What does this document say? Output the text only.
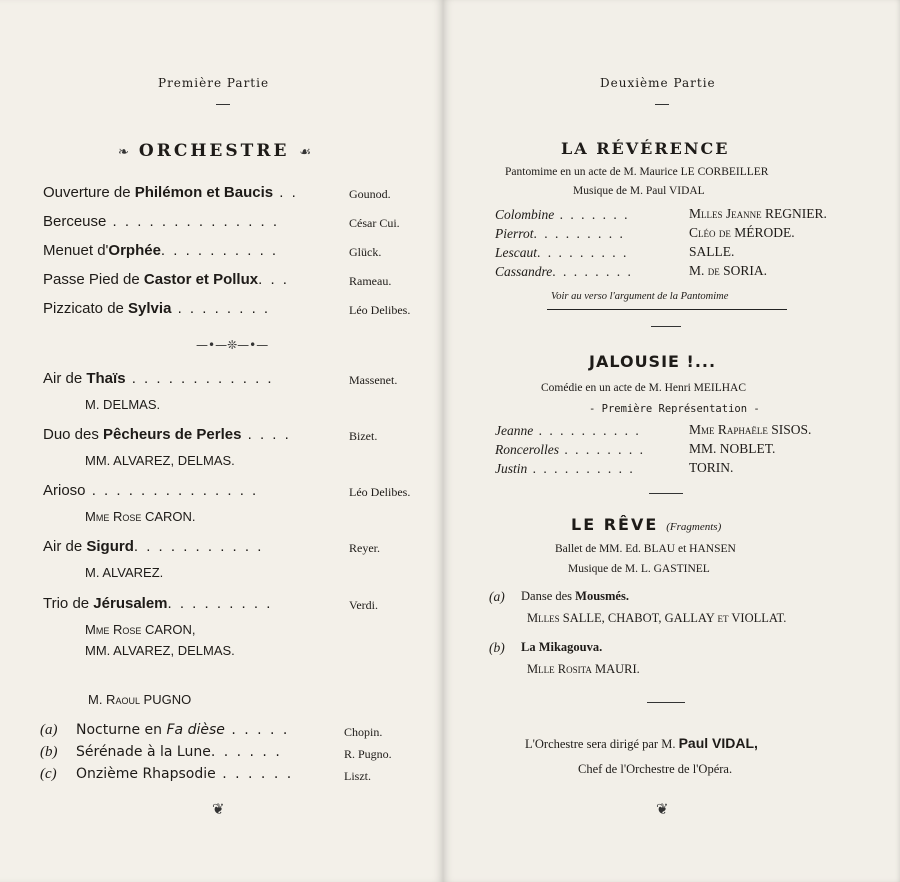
Première Partie
❧ ORCHESTRE ☙
Ouverture de Philémon et Baucis . .	Gounod.
Berceuse . . . . . . . . . . . . . .	César Cui.
Menuet d'Orphée. . . . . . . . . .	Glück.
Passe Pied de Castor et Pollux. . .	Rameau.
Pizzicato de Sylvia . . . . . . . .	Léo Delibes.
—•—❊—•—
Air de Thaïs . . . . . . . . . . . .	Massenet.
M. DELMAS.
Duo des Pêcheurs de Perles . . . .	Bizet.
MM. ALVAREZ, DELMAS.
Arioso . . . . . . . . . . . . . .	Léo Delibes.
Mme Rose CARON.
Air de Sigurd. . . . . . . . . . .	Reyer.
M. ALVAREZ.
Trio de Jérusalem. . . . . . . . .	Verdi.
Mme Rose CARON,
MM. ALVAREZ, DELMAS.
M. Raoul PUGNO
(a) Nocturne en Fa dièse . . . . .	Chopin.
(b) Sérénade à la Lune. . . . . .	R. Pugno.
(c) Onzième Rhapsodie . . . . . .	Liszt.
❦
Deuxième Partie
LA RÉVÉRENCE
Pantomime en un acte de M. Maurice LE CORBEILLER
Musique de M. Paul VIDAL
Colombine . . . . . . .	Mlles Jeanne REGNIER.
Pierrot. . . . . . . . .	Cléo de MÉRODE.
Lescaut. . . . . . . . .	SALLE.
Cassandre. . . . . . . .	M. de SORIA.
Voir au verso l'argument de la Pantomime
JALOUSIE !...
Comédie en un acte de M. Henri MEILHAC
- Première Représentation -
Jeanne . . . . . . . . . .	Mme Raphaële SISOS.
Roncerolles . . . . . . . .	MM. NOBLET.
Justin . . . . . . . . . .	TORIN.
LE RÊVE (Fragments)
Ballet de MM. Ed. BLAU et HANSEN
Musique de M. L. GASTINEL
(a) Danse des Mousmés.
Mlles SALLE, CHABOT, GALLAY et VIOLLAT.
(b) La Mikagouva.
Mlle Rosita MAURI.
L'Orchestre sera dirigé par M. Paul VIDAL,
Chef de l'Orchestre de l'Opéra.
❦
